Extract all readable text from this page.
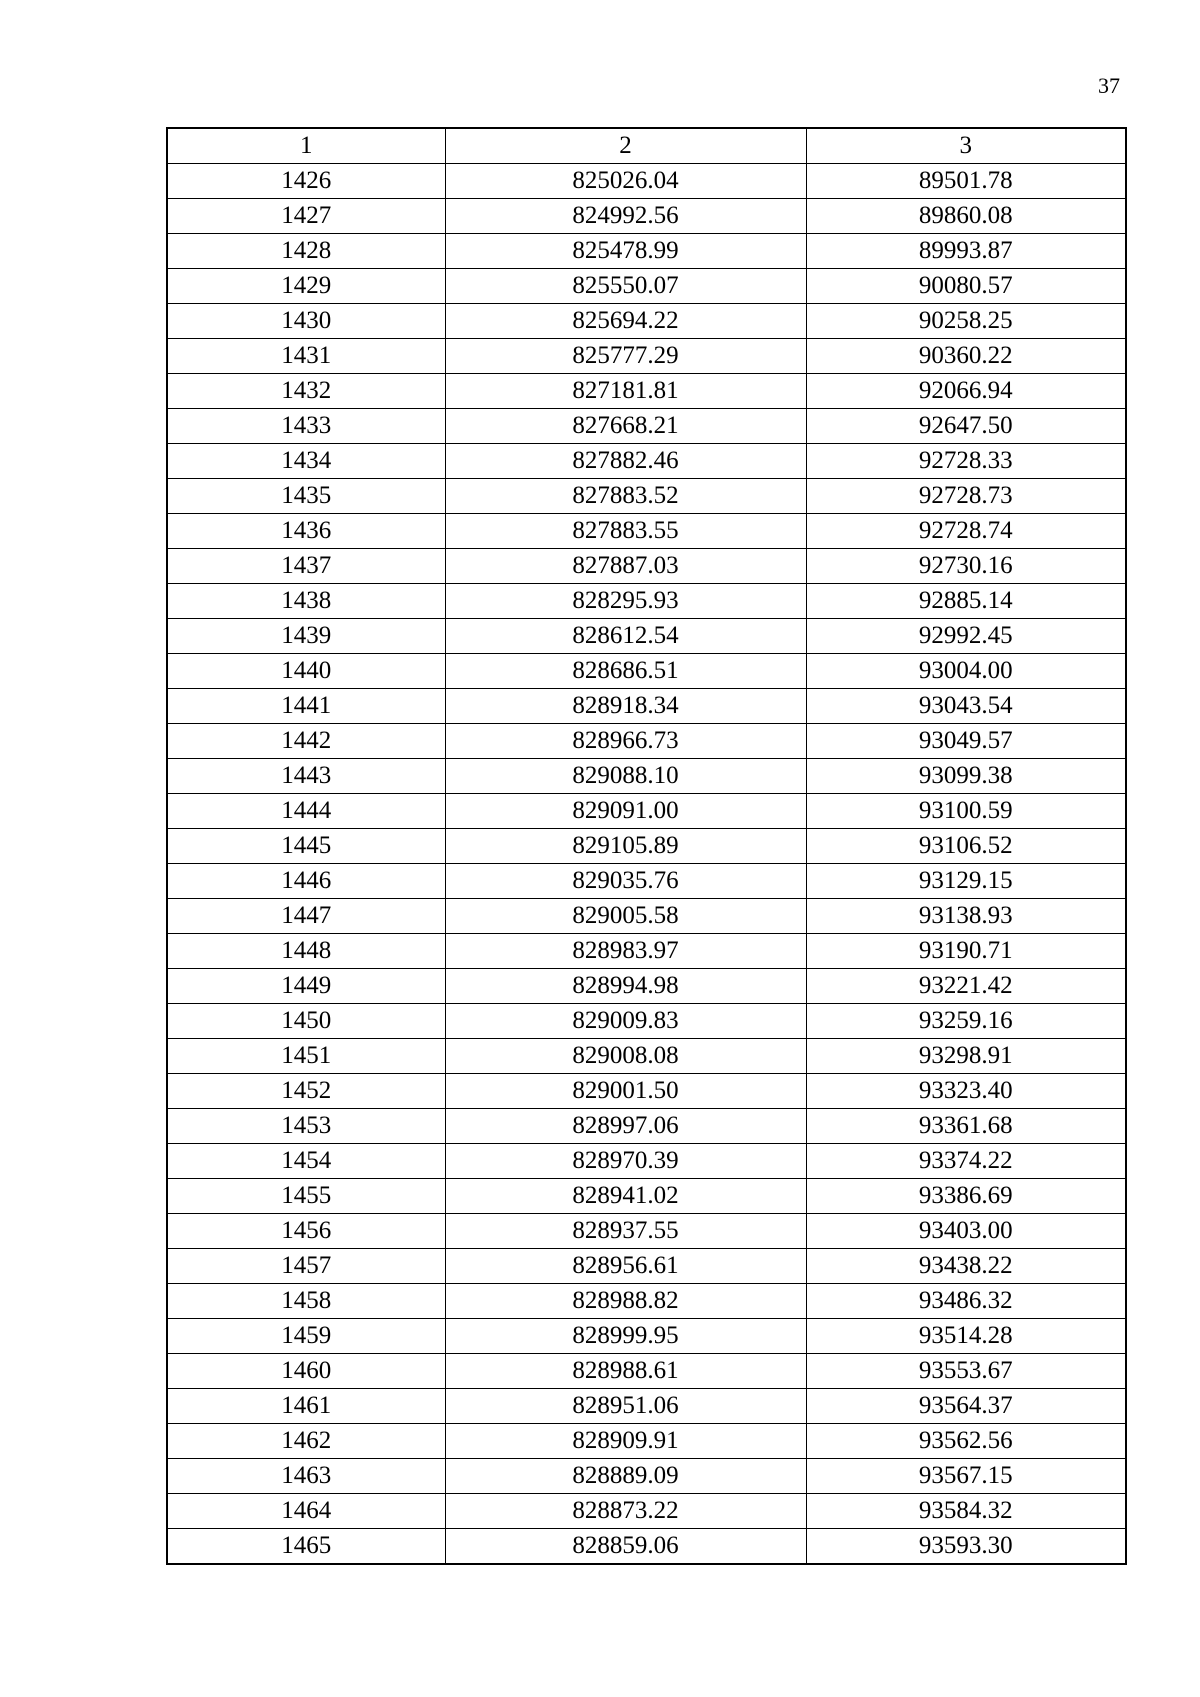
37
1	2	3
1426	825026.04	89501.78
1427	824992.56	89860.08
1428	825478.99	89993.87
1429	825550.07	90080.57
1430	825694.22	90258.25
1431	825777.29	90360.22
1432	827181.81	92066.94
1433	827668.21	92647.50
1434	827882.46	92728.33
1435	827883.52	92728.73
1436	827883.55	92728.74
1437	827887.03	92730.16
1438	828295.93	92885.14
1439	828612.54	92992.45
1440	828686.51	93004.00
1441	828918.34	93043.54
1442	828966.73	93049.57
1443	829088.10	93099.38
1444	829091.00	93100.59
1445	829105.89	93106.52
1446	829035.76	93129.15
1447	829005.58	93138.93
1448	828983.97	93190.71
1449	828994.98	93221.42
1450	829009.83	93259.16
1451	829008.08	93298.91
1452	829001.50	93323.40
1453	828997.06	93361.68
1454	828970.39	93374.22
1455	828941.02	93386.69
1456	828937.55	93403.00
1457	828956.61	93438.22
1458	828988.82	93486.32
1459	828999.95	93514.28
1460	828988.61	93553.67
1461	828951.06	93564.37
1462	828909.91	93562.56
1463	828889.09	93567.15
1464	828873.22	93584.32
1465	828859.06	93593.30
